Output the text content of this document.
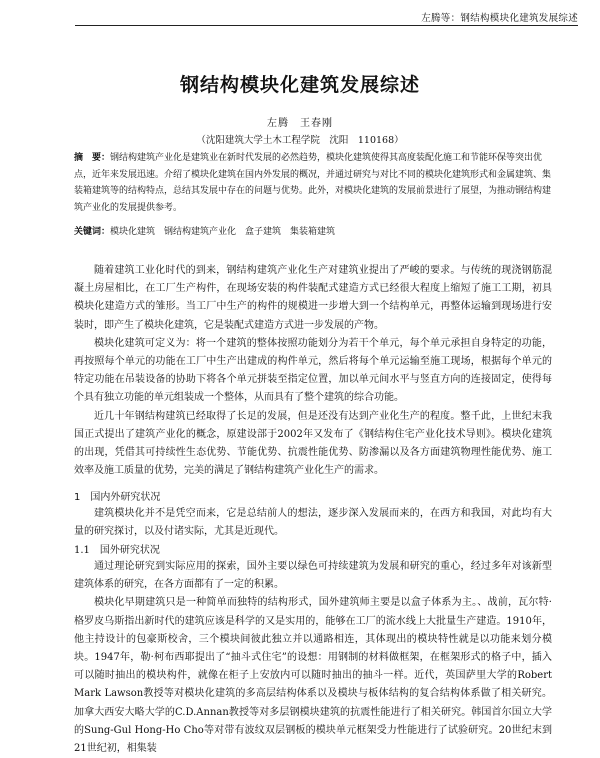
左腾等：钢结构模块化建筑发展综述
钢结构模块化建筑发展综述
左腾　王春刚
（沈阳建筑大学土木工程学院　沈阳　110168）
摘　要：钢结构建筑产业化是建筑业在新时代发展的必然趋势，模块化建筑使得其高度装配化施工和节能环保等突出优点，近年来发展迅速。介绍了模块化建筑在国内外发展的概况，并通过研究与对比不同的模块化建筑形式和金属建筑、集装箱建筑等的结构特点，总结其发展中存在的问题与优势。此外，对模块化建筑的发展前景进行了展望，为推动钢结构建筑产业化的发展提供参考。
关键词：模块化建筑　钢结构建筑产业化　盒子建筑　集装箱建筑

随着建筑工业化时代的到来，钢结构建筑产业化生产对建筑业提出了严峻的要求。与传统的现浇钢筋混凝土房屋相比，在工厂生产构件，在现场安装的构件装配式建造方式已经很大程度上缩短了施工工期，初具模块化建造方式的雏形。当工厂中生产的构件的规模进一步增大到一个结构单元，再整体运输到现场进行安装时，即产生了模块化建筑，它是装配式建造方式进一步发展的产物。

模块化建筑可定义为：将一个建筑的整体按照功能划分为若干个单元，每个单元承担自身特定的功能，再按照每个单元的功能在工厂中生产出建成的构件单元，然后将每个单元运输至施工现场，根据每个单元的特定功能在吊装设备的协助下将各个单元拼装至指定位置，加以单元间水平与竖直方向的连接固定，使得每个具有独立功能的单元组装成一个整体，从而具有了整个建筑的综合功能。

近几十年钢结构建筑已经取得了长足的发展，但是还没有达到产业化生产的程度。整千此，上世纪末我国正式提出了建筑产业化的概念，原建设部于2002年又发布了《钢结构住宅产业化技术导则》。模块化建筑的出现，凭借其可持续性生态优势、节能优势、抗震性能优势、防渗漏以及各方面建筑物理性能优势、施工效率及施工质量的优势，完美的满足了钢结构建筑产业化生产的需求。

1　国内外研究状况

建筑模块化并不是凭空而来，它是总结前人的想法，逐步深入发展而来的，在西方和我国，对此均有大量的研究探讨，以及付诸实际，尤其是近现代。

1.1　国外研究状况

通过理论研究到实际应用的探索，国外主要以绿色可持续建筑为发展和研究的重心，经过多年对该新型建筑体系的研究，在各方面都有了一定的积累。

模块化早期建筑只是一种简单而独特的结构形式，国外建筑师主要是以盒子体系为主。、战前，瓦尔特·格罗皮乌斯指出新时代的建筑应该是科学的又是实用的，能够在工厂的流水线上大批量生产建造。1910年，他主持设计的包豪斯校舍，三个模块间彼此独立并以通路相连，其体现出的模块特性就是以功能来划分模块。1947年，勒·柯布西耶提出了“抽斗式住宅”的设想：用钢制的材料做框架，在框架形式的格子中，插入可以随时抽出的模块构件，就像在柜子上安放内可以随时抽出的抽斗一样。近代，英国萨里大学的Robert Mark Lawson教授等对模块化建筑的多高层结构体系以及模块与板体结构的复合结构体系做了相关研究。加拿大西安大略大学的C.D.Annan教授等对多层钢模块建筑的抗震性能进行了相关研究。韩国首尔国立大学的Sung-Gul Hong-Ho Cho等对带有波纹双层钢板的模块单元框架受力性能进行了试验研究。20世纪末到21世纪初，相集装
